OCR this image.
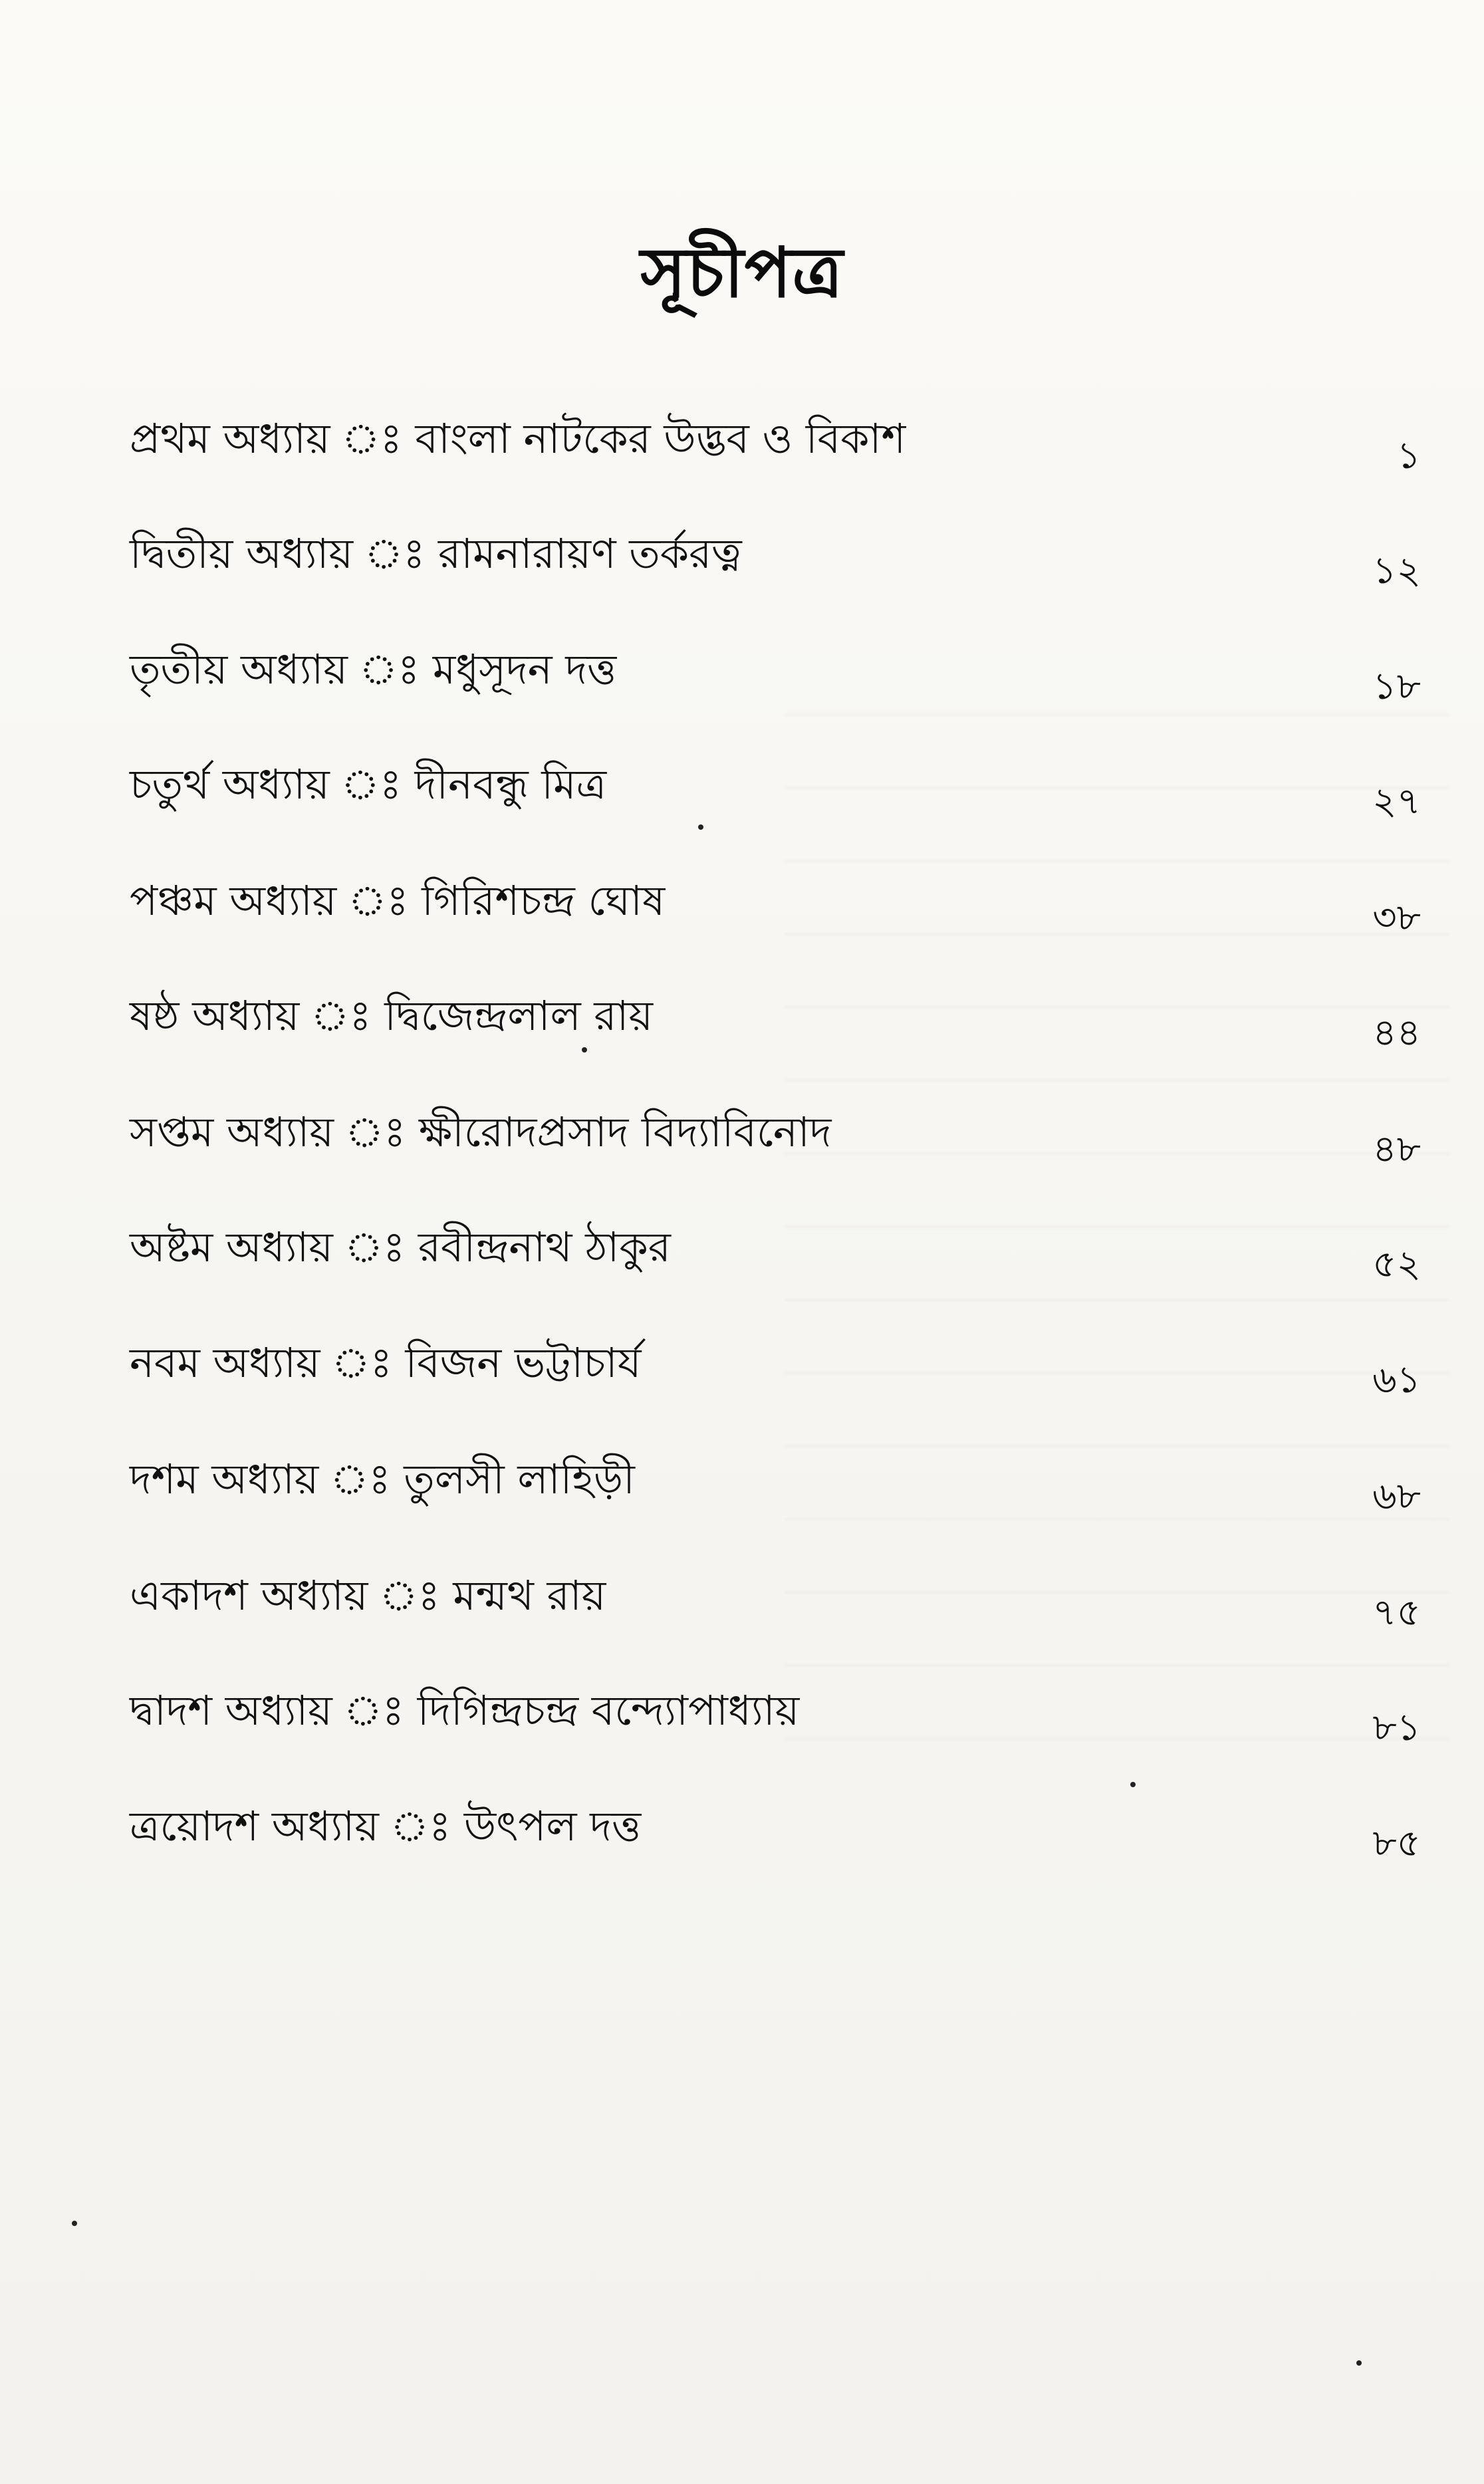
সূচীপত্র
প্রথম অধ্যায় ঃ বাংলা নাটকের উদ্ভব ও বিকাশ	১
দ্বিতীয় অধ্যায় ঃ রামনারায়ণ তর্করত্ন	১২
তৃতীয় অধ্যায় ঃ মধুসূদন দত্ত	১৮
চতুর্থ অধ্যায় ঃ দীনবন্ধু মিত্র	২৭
পঞ্চম অধ্যায় ঃ গিরিশচন্দ্র ঘোষ	৩৮
ষষ্ঠ অধ্যায় ঃ দ্বিজেন্দ্রলাল রায়	৪৪
সপ্তম অধ্যায় ঃ ক্ষীরোদপ্রসাদ বিদ্যাবিনোদ	৪৮
অষ্টম অধ্যায় ঃ রবীন্দ্রনাথ ঠাকুর	৫২
নবম অধ্যায় ঃ বিজন ভট্টাচার্য	৬১
দশম অধ্যায় ঃ তুলসী লাহিড়ী	৬৮
একাদশ অধ্যায় ঃ মন্মথ রায়	৭৫
দ্বাদশ অধ্যায় ঃ দিগিন্দ্রচন্দ্র বন্দ্যোপাধ্যায়	৮১
ত্রয়োদশ অধ্যায় ঃ উৎপল দত্ত	৮৫
